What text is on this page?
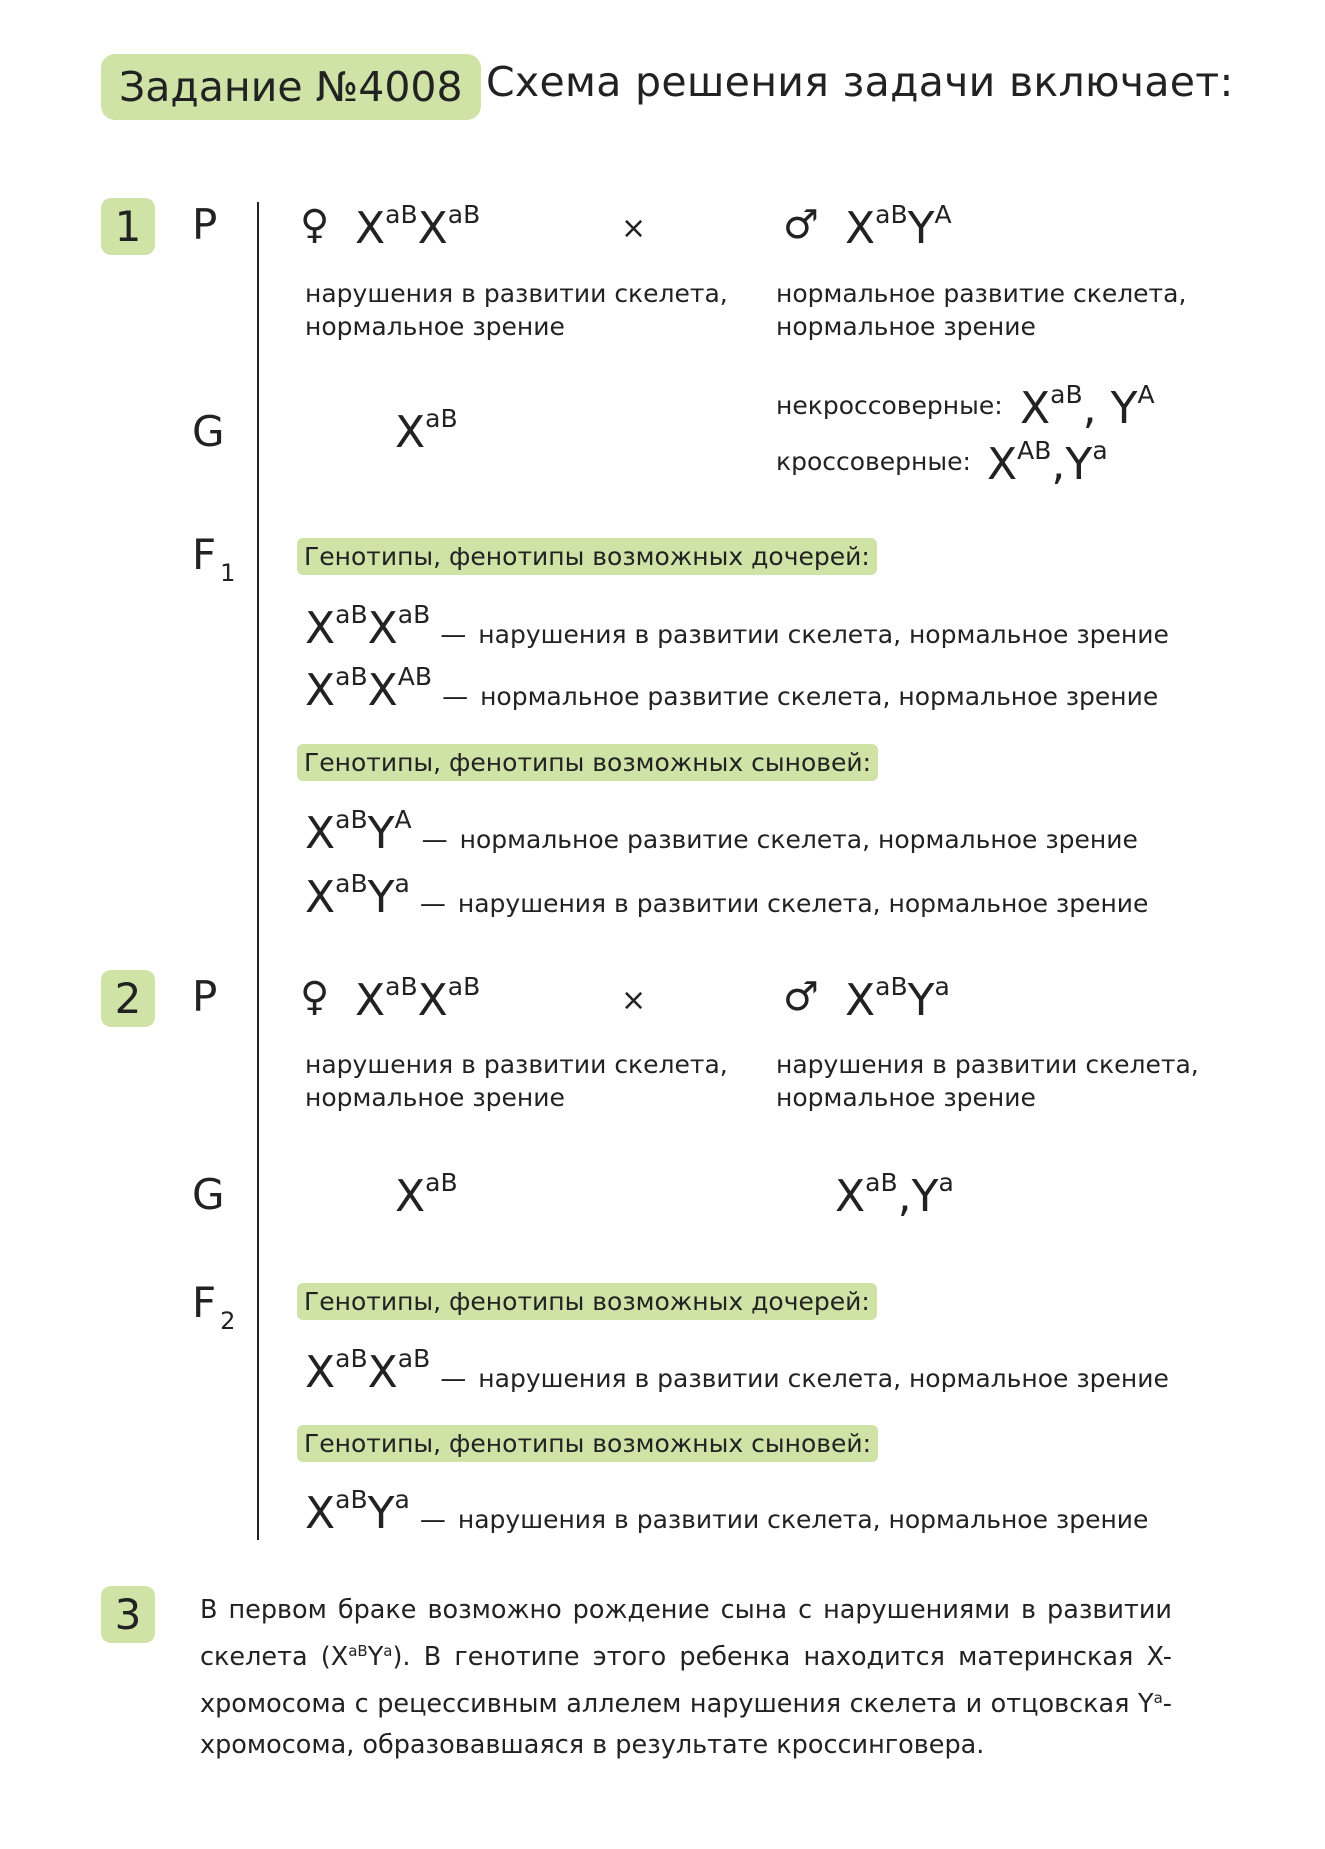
Задание №4008 Схема решения задачи включает:
1	P ♀ $X^{aB}X^{aB}$	×	♂ $X^{aB}Y^A$
нарушения в развитии скелета,
нормальное зрение
нормальное развитие скелета,
нормальное зрение
G	$X^{aB}$	некроссоверные: $X^{aB}$, $Y^A$
кроссоверные: $X^{AB},Y^a$
F $_1$
Генотипы, фенотипы возможных дочерей:
$X^{aB}X^{aB}—$ нарушения в развитии скелета, нормальное зрение
$X^{aB}X^{AB}—$ нормальное развитие скелета, нормальное зрение
Генотипы, фенотипы возможных сыновей:
$X^{aB}Y^A—$ нормальное развитие скелета, нормальное зрение
$X^{aB}Y^a—$ нарушения в развитии скелета, нормальное зрение
2	P ♀ $X^{aB}X^{aB}$	×	♂ $X^{aB}Y^a$
нарушения в развитии скелета,
нормальное зрение
нарушения в развитии скелета,
нормальное зрение
G	$X^{aB}$	$X^{aB},Y^a$
F $_2$
Генотипы, фенотипы возможных дочерей:
$X^{aB}X^{aB}—$ нарушения в развитии скелета, нормальное зрение
Генотипы, фенотипы возможных сыновей:
$X^{aB}Y^a—$ нарушения в развитии скелета, нормальное зрение
3	В первом браке возможно рождение сына с нарушениями в развитии скелета $(X^{aB}Y^a)$. В генотипе этого ребенка находится материнская X-хромосома с рецессивным аллелем нарушения скелета и отцовская $Y^a$-хромосома, образовавшаяся в результате кроссинговера.
